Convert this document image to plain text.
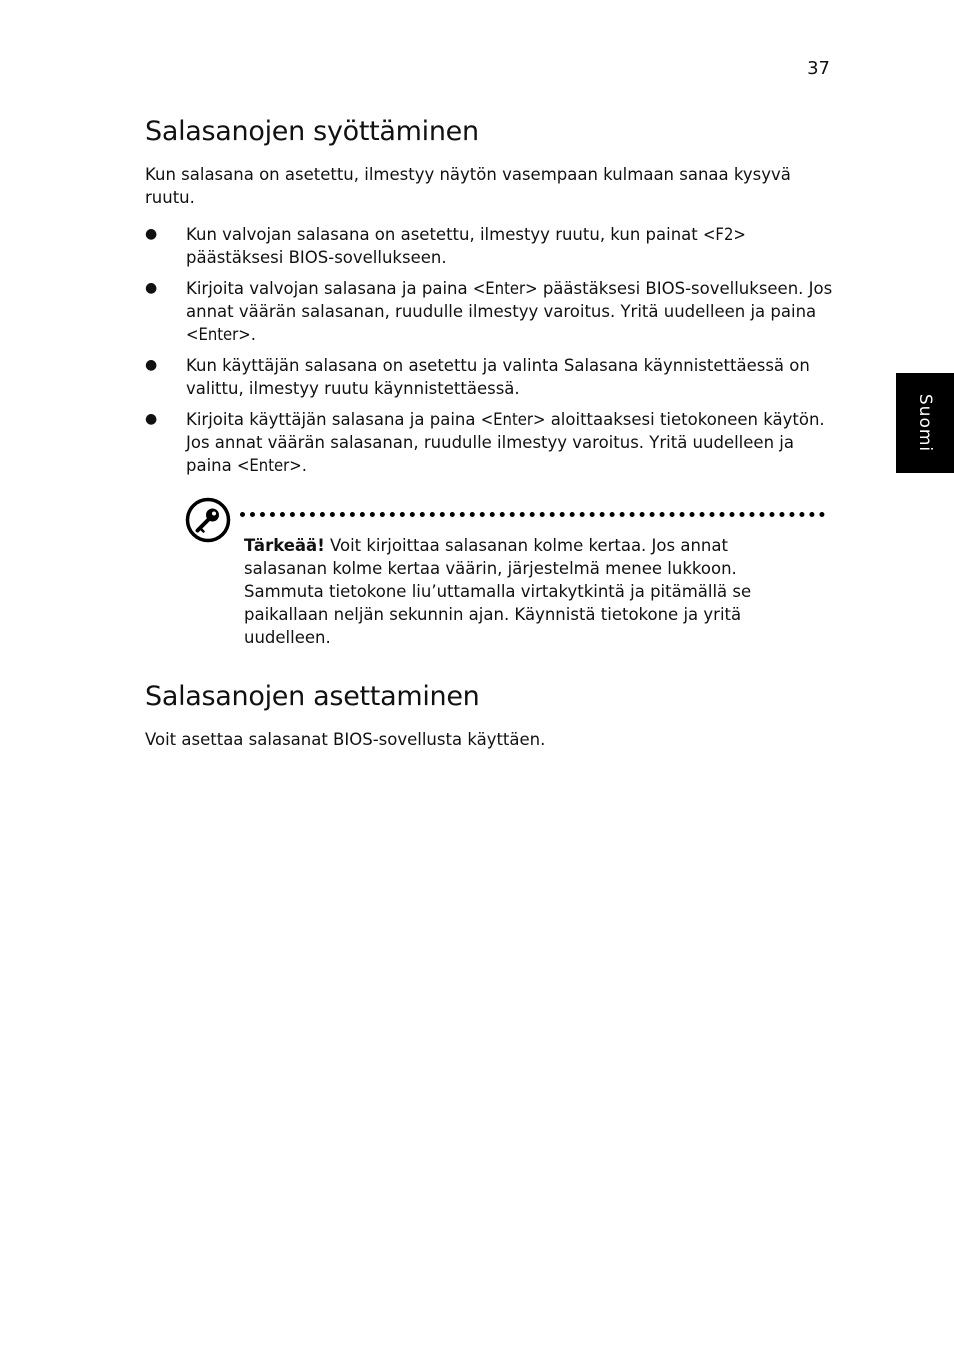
37
Suomi
Salasanojen syöttäminen

Kun salasana on asetettu, ilmestyy näytön vasempaan kulmaan sanaa kysyvä ruutu.

● Kun valvojan salasana on asetettu, ilmestyy ruutu, kun painat <F2> päästäksesi BIOS-sovellukseen.
● Kirjoita valvojan salasana ja paina <Enter> päästäksesi BIOS-sovellukseen. Jos annat väärän salasanan, ruudulle ilmestyy varoitus. Yritä uudelleen ja paina <Enter>.
● Kun käyttäjän salasana on asetettu ja valinta Salasana käynnistettäessä on valittu, ilmestyy ruutu käynnistettäessä.
● Kirjoita käyttäjän salasana ja paina <Enter> aloittaaksesi tietokoneen käytön. Jos annat väärän salasanan, ruudulle ilmestyy varoitus. Yritä uudelleen ja paina <Enter>.
Tärkeää! Voit kirjoittaa salasanan kolme kertaa. Jos annat salasanan kolme kertaa väärin, järjestelmä menee lukkoon. Sammuta tietokone liu’uttamalla virtakytkintä ja pitämällä se paikallaan neljän sekunnin ajan. Käynnistä tietokone ja yritä uudelleen.
Salasanojen asettaminen

Voit asettaa salasanat BIOS-sovellusta käyttäen.
